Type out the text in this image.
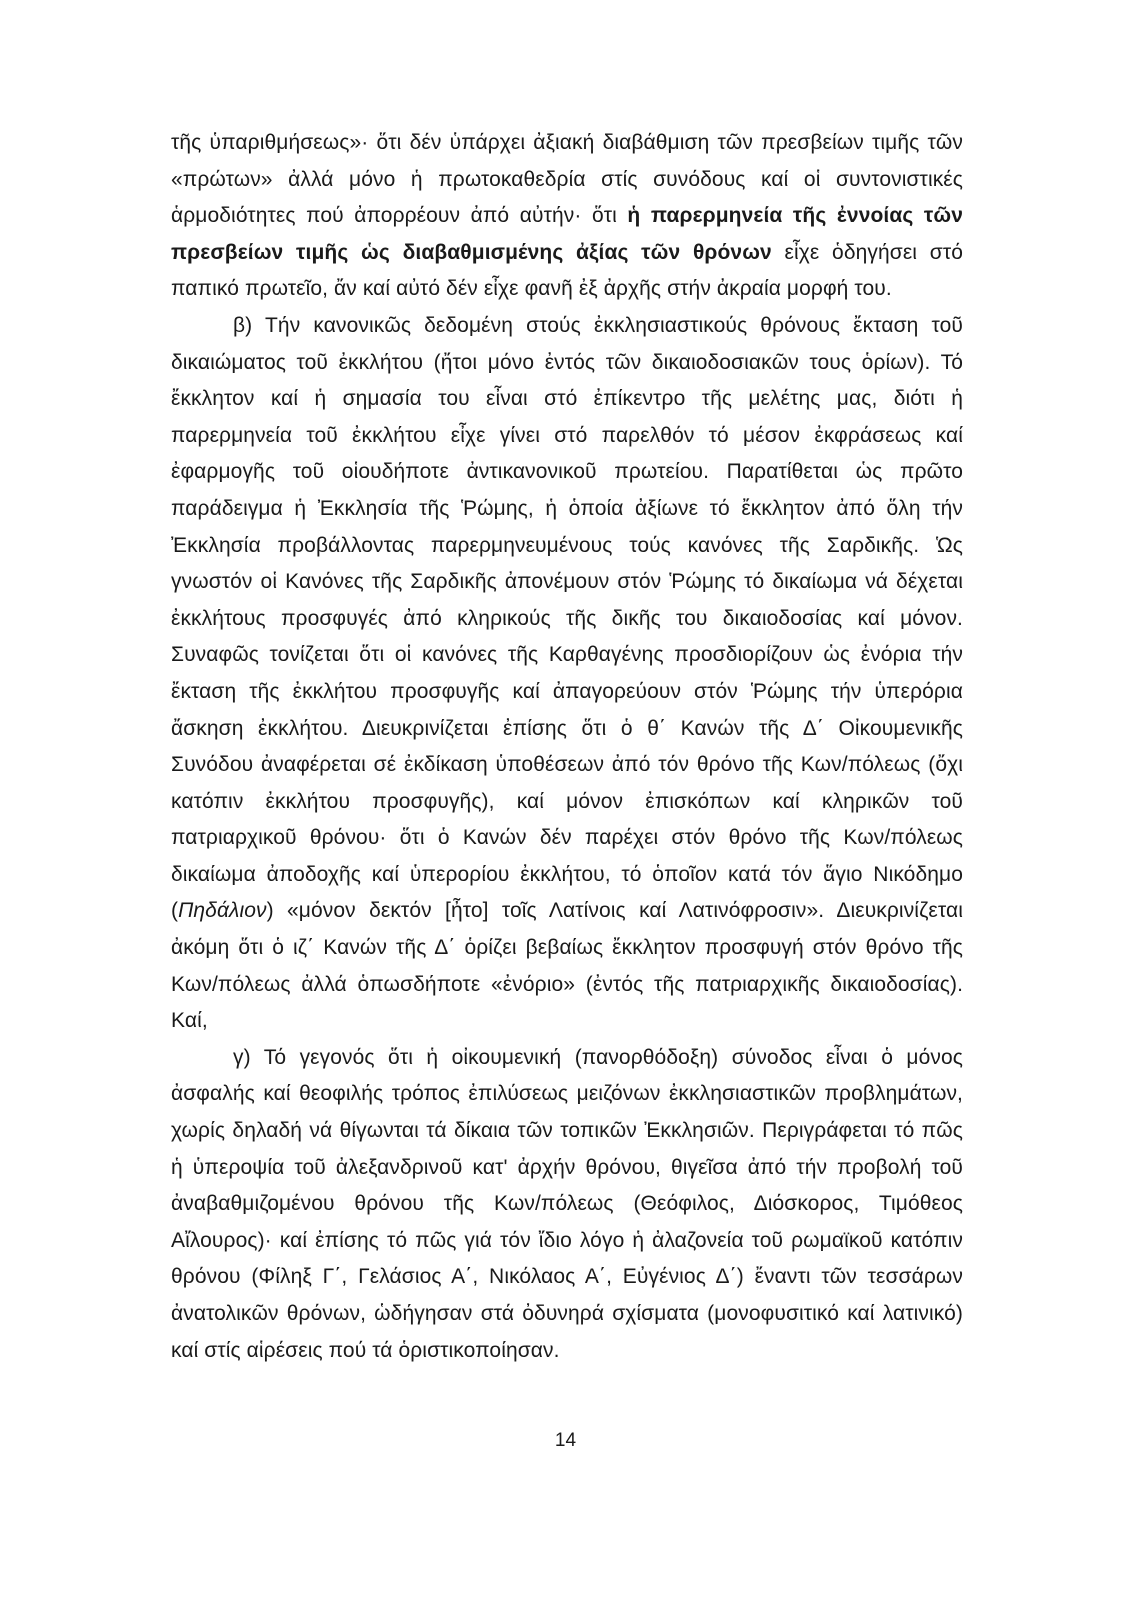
τῆς ὑπαριθμήσεως»· ὅτι δέν ὑπάρχει ἀξιακή διαβάθμιση τῶν πρεσβείων τιμῆς τῶν «πρώτων» ἀλλά μόνο ἡ πρωτοκαθεδρία στίς συνόδους καί οἱ συντονιστικές ἁρμοδιότητες πού ἀπορρέουν ἀπό αὐτήν· ὅτι ἡ παρερμηνεία τῆς ἐννοίας τῶν πρεσβείων τιμῆς ὡς διαβαθμισμένης ἀξίας τῶν θρόνων εἶχε ὁδηγήσει στό παπικό πρωτεῖο, ἄν καί αὐτό δέν εἶχε φανῆ ἐξ ἀρχῆς στήν ἀκραία μορφή του.

β) Τήν κανονικῶς δεδομένη στούς ἐκκλησιαστικούς θρόνους ἔκταση τοῦ δικαιώματος τοῦ ἐκκλήτου (ἤτοι μόνο ἐντός τῶν δικαιοδοσιακῶν τους ὁρίων). Τό ἔκκλητον καί ἡ σημασία του εἶναι στό ἐπίκεντρο τῆς μελέτης μας, διότι ἡ παρερμηνεία τοῦ ἐκκλήτου εἶχε γίνει στό παρελθόν τό μέσον ἐκφράσεως καί ἐφαρμογῆς τοῦ οἱουδήποτε ἀντικανονικοῦ πρωτείου. Παρατίθεται ὡς πρῶτο παράδειγμα ἡ Ἐκκλησία τῆς Ῥώμης, ἡ ὁποία ἀξίωνε τό ἔκκλητον ἀπό ὅλη τήν Ἐκκλησία προβάλλοντας παρερμηνευμένους τούς κανόνες τῆς Σαρδικῆς. Ὡς γνωστόν οἱ Κανόνες τῆς Σαρδικῆς ἀπονέμουν στόν Ῥώμης τό δικαίωμα νά δέχεται ἐκκλήτους προσφυγές ἀπό κληρικούς τῆς δικῆς του δικαιοδοσίας καί μόνον. Συναφῶς τονίζεται ὅτι οἱ κανόνες τῆς Καρθαγένης προσδιορίζουν ὡς ἐνόρια τήν ἔκταση τῆς ἐκκλήτου προσφυγῆς καί ἀπαγορεύουν στόν Ῥώμης τήν ὑπερόρια ἄσκηση ἐκκλήτου. Διευκρινίζεται ἐπίσης ὅτι ὁ θ΄ Κανών τῆς Δ΄ Οἰκουμενικῆς Συνόδου ἀναφέρεται σέ ἐκδίκαση ὑποθέσεων ἀπό τόν θρόνο τῆς Κων/πόλεως (ὄχι κατόπιν ἐκκλήτου προσφυγῆς), καί μόνον ἐπισκόπων καί κληρικῶν τοῦ πατριαρχικοῦ θρόνου· ὅτι ὁ Κανών δέν παρέχει στόν θρόνο τῆς Κων/πόλεως δικαίωμα ἀποδοχῆς καί ὑπερορίου ἐκκλήτου, τό ὁποῖον κατά τόν ἅγιο Νικόδημο (Πηδάλιον) «μόνον δεκτόν [ἦτο] τοῖς Λατίνοις καί Λατινόφροσιν». Διευκρινίζεται ἀκόμη ὅτι ὁ ιζ΄ Κανών τῆς Δ΄ ὁρίζει βεβαίως ἔκκλητον προσφυγή στόν θρόνο τῆς Κων/πόλεως ἀλλά ὁπωσδήποτε «ἐνόριο» (ἐντός τῆς πατριαρχικῆς δικαιοδοσίας). Καί,

γ) Τό γεγονός ὅτι ἡ οἰκουμενική (πανορθόδοξη) σύνοδος εἶναι ὁ μόνος ἀσφαλής καί θεοφιλής τρόπος ἐπιλύσεως μειζόνων ἐκκλησιαστικῶν προβλημάτων, χωρίς δηλαδή νά θίγωνται τά δίκαια τῶν τοπικῶν Ἐκκλησιῶν. Περιγράφεται τό πῶς ἡ ὑπεροψία τοῦ ἀλεξανδρινοῦ κατ' ἀρχήν θρόνου, θιγεῖσα ἀπό τήν προβολή τοῦ ἀναβαθμιζομένου θρόνου τῆς Κων/πόλεως (Θεόφιλος, Διόσκορος, Τιμόθεος Αἴλουρος)· καί ἐπίσης τό πῶς γιά τόν ἴδιο λόγο ἡ ἀλαζονεία τοῦ ρωμαϊκοῦ κατόπιν θρόνου (Φίληξ Γ΄, Γελάσιος Α΄, Νικόλαος Α΄, Εὐγένιος Δ΄) ἔναντι τῶν τεσσάρων ἀνατολικῶν θρόνων, ὡδήγησαν στά ὀδυνηρά σχίσματα (μονοφυσιτικό καί λατινικό) καί στίς αἱρέσεις πού τά ὁριστικοποίησαν.

14
